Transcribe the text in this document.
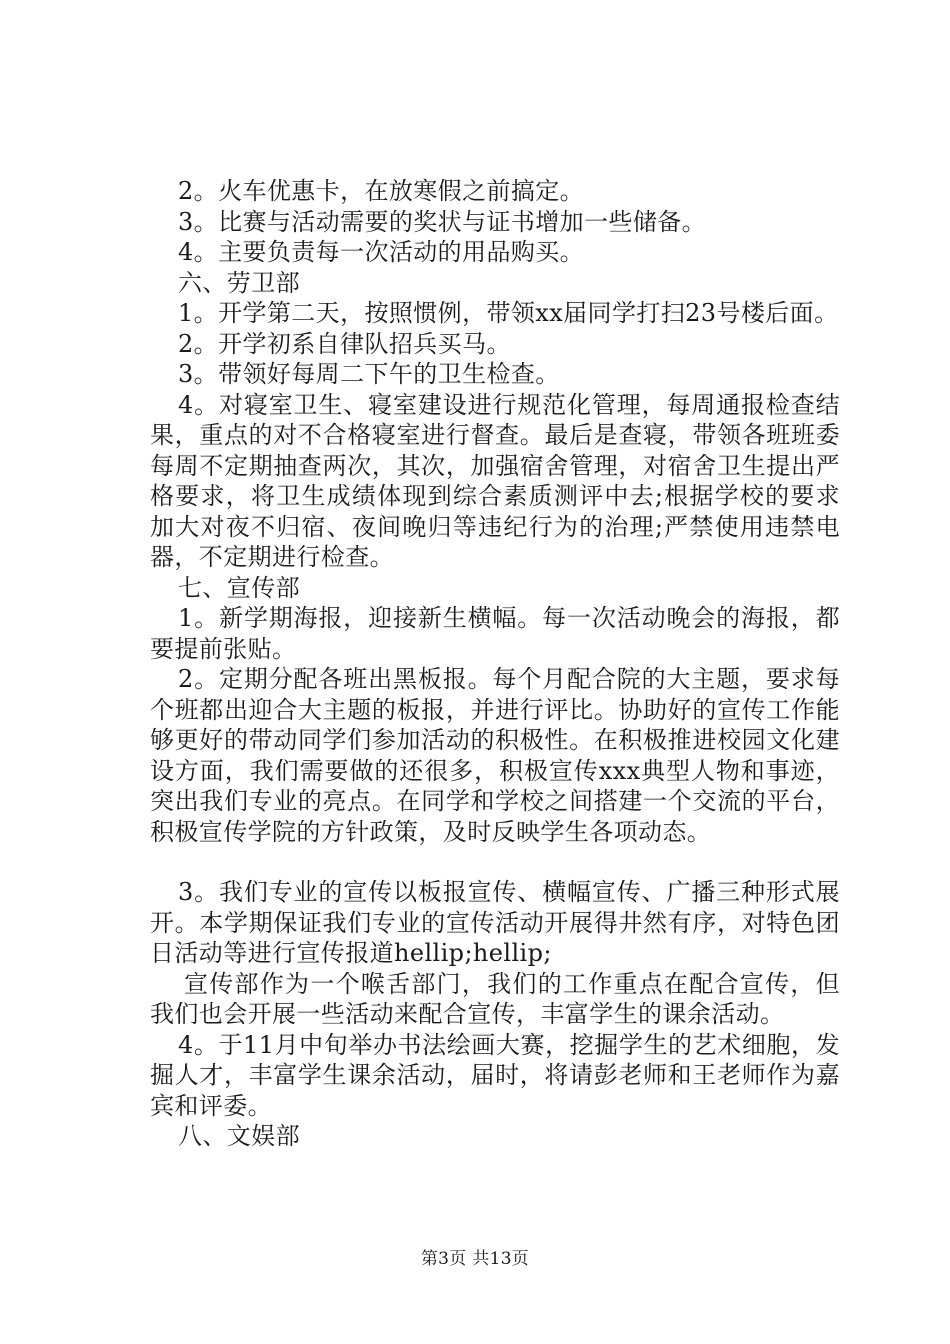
2。火车优惠卡，在放寒假之前搞定。

3。比赛与活动需要的奖状与证书增加一些储备。

4。主要负责每一次活动的用品购买。

六、劳卫部

1。开学第二天，按照惯例，带领xx届同学打扫23号楼后面。

2。开学初系自律队招兵买马。

3。带领好每周二下午的卫生检查。

4。对寝室卫生、寝室建设进行规范化管理，每周通报检查结果，重点的对不合格寝室进行督查。最后是查寝，带领各班班委每周不定期抽查两次，其次，加强宿舍管理，对宿舍卫生提出严格要求，将卫生成绩体现到综合素质测评中去;根据学校的要求加大对夜不归宿、夜间晚归等违纪行为的治理;严禁使用违禁电器，不定期进行检查。

七、宣传部

1。新学期海报，迎接新生横幅。每一次活动晚会的海报，都要提前张贴。

2。定期分配各班出黑板报。每个月配合院的大主题，要求每个班都出迎合大主题的板报，并进行评比。协助好的宣传工作能够更好的带动同学们参加活动的积极性。在积极推进校园文化建设方面，我们需要做的还很多，积极宣传xxx典型人物和事迹，突出我们专业的亮点。在同学和学校之间搭建一个交流的平台，积极宣传学院的方针政策，及时反映学生各项动态。

3。我们专业的宣传以板报宣传、横幅宣传、广播三种形式展开。本学期保证我们专业的宣传活动开展得井然有序，对特色团日活动等进行宣传报道hellip;hellip;

宣传部作为一个喉舌部门，我们的工作重点在配合宣传，但我们也会开展一些活动来配合宣传，丰富学生的课余活动。

4。于11月中旬举办书法绘画大赛，挖掘学生的艺术细胞，发掘人才，丰富学生课余活动，届时，将请彭老师和王老师作为嘉宾和评委。

八、文娱部

第3页 共13页
